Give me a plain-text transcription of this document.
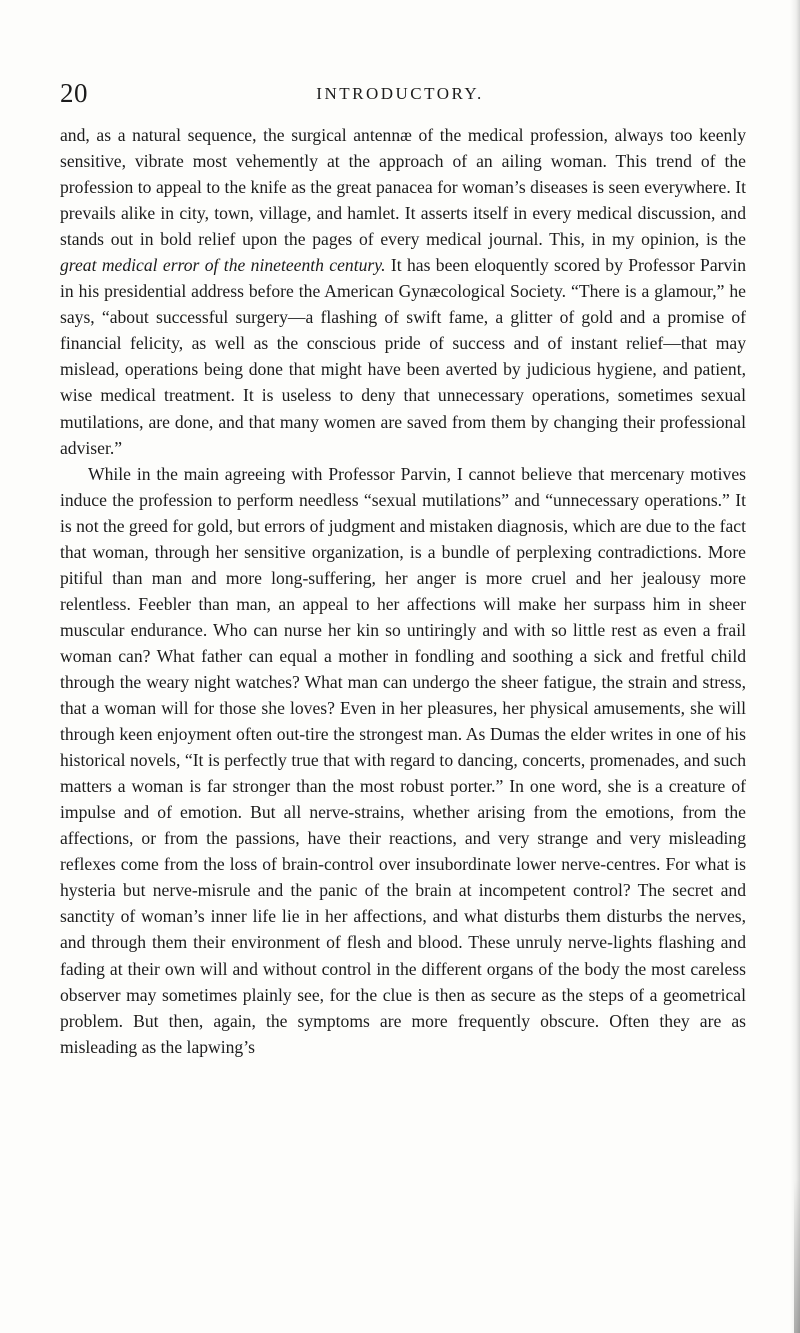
20	INTRODUCTORY.

and, as a natural sequence, the surgical antennæ of the medical profession, always too keenly sensitive, vibrate most vehemently at the approach of an ailing woman. This trend of the profession to appeal to the knife as the great panacea for woman’s diseases is seen everywhere. It prevails alike in city, town, village, and hamlet. It asserts itself in every medical discussion, and stands out in bold relief upon the pages of every medical journal. This, in my opinion, is the great medical error of the nineteenth century. It has been eloquently scored by Professor Parvin in his presidential address before the American Gynæcological Society. “There is a glamour,” he says, “about successful surgery—a flashing of swift fame, a glitter of gold and a promise of financial felicity, as well as the conscious pride of success and of instant relief—that may mislead, operations being done that might have been averted by judicious hygiene, and patient, wise medical treatment. It is useless to deny that unnecessary operations, sometimes sexual mutilations, are done, and that many women are saved from them by changing their professional adviser.”

While in the main agreeing with Professor Parvin, I cannot believe that mercenary motives induce the profession to perform needless “sexual mutilations” and “unnecessary operations.” It is not the greed for gold, but errors of judgment and mistaken diagnosis, which are due to the fact that woman, through her sensitive organization, is a bundle of perplexing contradictions. More pitiful than man and more long-suffering, her anger is more cruel and her jealousy more relentless. Feebler than man, an appeal to her affections will make her surpass him in sheer muscular endurance. Who can nurse her kin so untiringly and with so little rest as even a frail woman can? What father can equal a mother in fondling and soothing a sick and fretful child through the weary night watches? What man can undergo the sheer fatigue, the strain and stress, that a woman will for those she loves? Even in her pleasures, her physical amusements, she will through keen enjoyment often out-tire the strongest man. As Dumas the elder writes in one of his historical novels, “It is perfectly true that with regard to dancing, concerts, promenades, and such matters a woman is far stronger than the most robust porter.” In one word, she is a creature of impulse and of emotion. But all nerve-strains, whether arising from the emotions, from the affections, or from the passions, have their reactions, and very strange and very misleading reflexes come from the loss of brain-control over insubordinate lower nerve-centres. For what is hysteria but nerve-misrule and the panic of the brain at incompetent control? The secret and sanctity of woman’s inner life lie in her affections, and what disturbs them disturbs the nerves, and through them their environment of flesh and blood. These unruly nerve-lights flashing and fading at their own will and without control in the different organs of the body the most careless observer may sometimes plainly see, for the clue is then as secure as the steps of a geometrical problem. But then, again, the symptoms are more frequently obscure. Often they are as misleading as the lapwing’s
